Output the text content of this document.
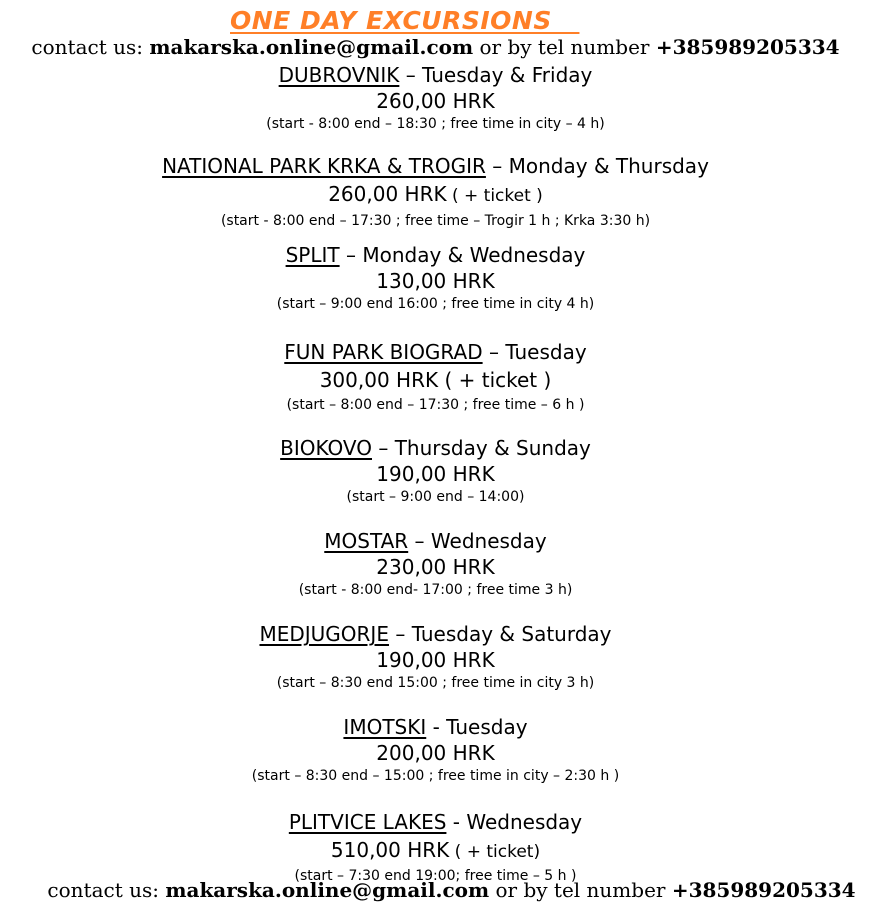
ONE DAY EXCURSIONS
contact us: makarska.online@gmail.com or by tel number +385989205334
DUBROVNIK – Tuesday & Friday
260,00 HRK
(start - 8:00 end – 18:30 ; free time in city – 4 h)
NATIONAL PARK KRKA & TROGIR – Monday & Thursday
260,00 HRK ( + ticket )
(start - 8:00 end – 17:30 ; free time – Trogir 1 h ; Krka 3:30 h)
SPLIT – Monday & Wednesday
130,00 HRK
(start – 9:00 end 16:00 ; free time in city 4 h)
FUN PARK BIOGRAD – Tuesday
300,00 HRK ( + ticket )
(start – 8:00 end – 17:30 ; free time – 6 h )
BIOKOVO – Thursday & Sunday
190,00 HRK
(start – 9:00 end – 14:00)
MOSTAR – Wednesday
230,00 HRK
(start - 8:00 end- 17:00 ; free time 3 h)
MEDJUGORJE – Tuesday & Saturday
190,00 HRK
(start – 8:30 end 15:00 ; free time in city 3 h)
IMOTSKI - Tuesday
200,00 HRK
(start – 8:30 end – 15:00 ; free time in city – 2:30 h )
PLITVICE LAKES - Wednesday
510,00 HRK ( + ticket)
(start – 7:30 end 19:00; free time – 5 h )
contact us: makarska.online@gmail.com or by tel number +385989205334
